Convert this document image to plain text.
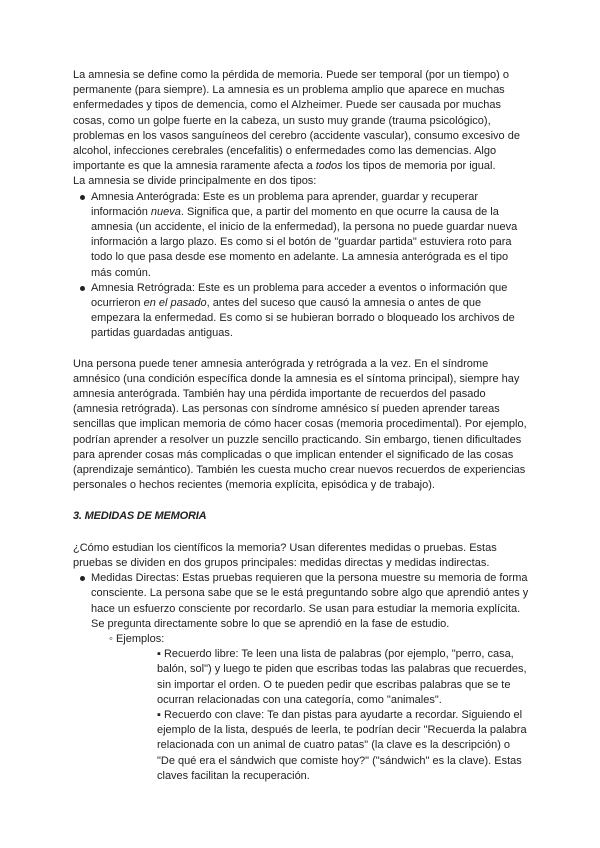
La amnesia se define como la pérdida de memoria. Puede ser temporal (por un tiempo) o permanente (para siempre). La amnesia es un problema amplio que aparece en muchas enfermedades y tipos de demencia, como el Alzheimer. Puede ser causada por muchas cosas, como un golpe fuerte en la cabeza, un susto muy grande (trauma psicológico), problemas en los vasos sanguíneos del cerebro (accidente vascular), consumo excesivo de alcohol, infecciones cerebrales (encefalitis) o enfermedades como las demencias. Algo importante es que la amnesia raramente afecta a todos los tipos de memoria por igual.

La amnesia se divide principalmente en dos tipos:

Amnesia Anterógrada: Este es un problema para aprender, guardar y recuperar información nueva. Significa que, a partir del momento en que ocurre la causa de la amnesia (un accidente, el inicio de la enfermedad), la persona no puede guardar nueva información a largo plazo. Es como si el botón de "guardar partida" estuviera roto para todo lo que pasa desde ese momento en adelante. La amnesia anterógrada es el tipo más común.
Amnesia Retrógrada: Este es un problema para acceder a eventos o información que ocurrieron en el pasado, antes del suceso que causó la amnesia o antes de que empezara la enfermedad. Es como si se hubieran borrado o bloqueado los archivos de partidas guardadas antiguas.

Una persona puede tener amnesia anterógrada y retrógrada a la vez. En el síndrome amnésico (una condición específica donde la amnesia es el síntoma principal), siempre hay amnesia anterógrada. También hay una pérdida importante de recuerdos del pasado (amnesia retrógrada). Las personas con síndrome amnésico sí pueden aprender tareas sencillas que implican memoria de cómo hacer cosas (memoria procedimental). Por ejemplo, podrían aprender a resolver un puzzle sencillo practicando. Sin embargo, tienen dificultades para aprender cosas más complicadas o que implican entender el significado de las cosas (aprendizaje semántico). También les cuesta mucho crear nuevos recuerdos de experiencias personales o hechos recientes (memoria explícita, episódica y de trabajo).

3. MEDIDAS DE MEMORIA

¿Cómo estudian los científicos la memoria? Usan diferentes medidas o pruebas. Estas pruebas se dividen en dos grupos principales: medidas directas y medidas indirectas.

Medidas Directas: Estas pruebas requieren que la persona muestre su memoria de forma consciente. La persona sabe que se le está preguntando sobre algo que aprendió antes y hace un esfuerzo consciente por recordarlo. Se usan para estudiar la memoria explícita. Se pregunta directamente sobre lo que se aprendió en la fase de estudio.
◦ Ejemplos:
▪ Recuerdo libre: Te leen una lista de palabras (por ejemplo, "perro, casa, balón, sol") y luego te piden que escribas todas las palabras que recuerdes, sin importar el orden. O te pueden pedir que escribas palabras que se te ocurran relacionadas con una categoría, como "animales".
▪ Recuerdo con clave: Te dan pistas para ayudarte a recordar. Siguiendo el ejemplo de la lista, después de leerla, te podrían decir "Recuerda la palabra relacionada con un animal de cuatro patas" (la clave es la descripción) o "De qué era el sándwich que comiste hoy?" ("sándwich" es la clave). Estas claves facilitan la recuperación.
